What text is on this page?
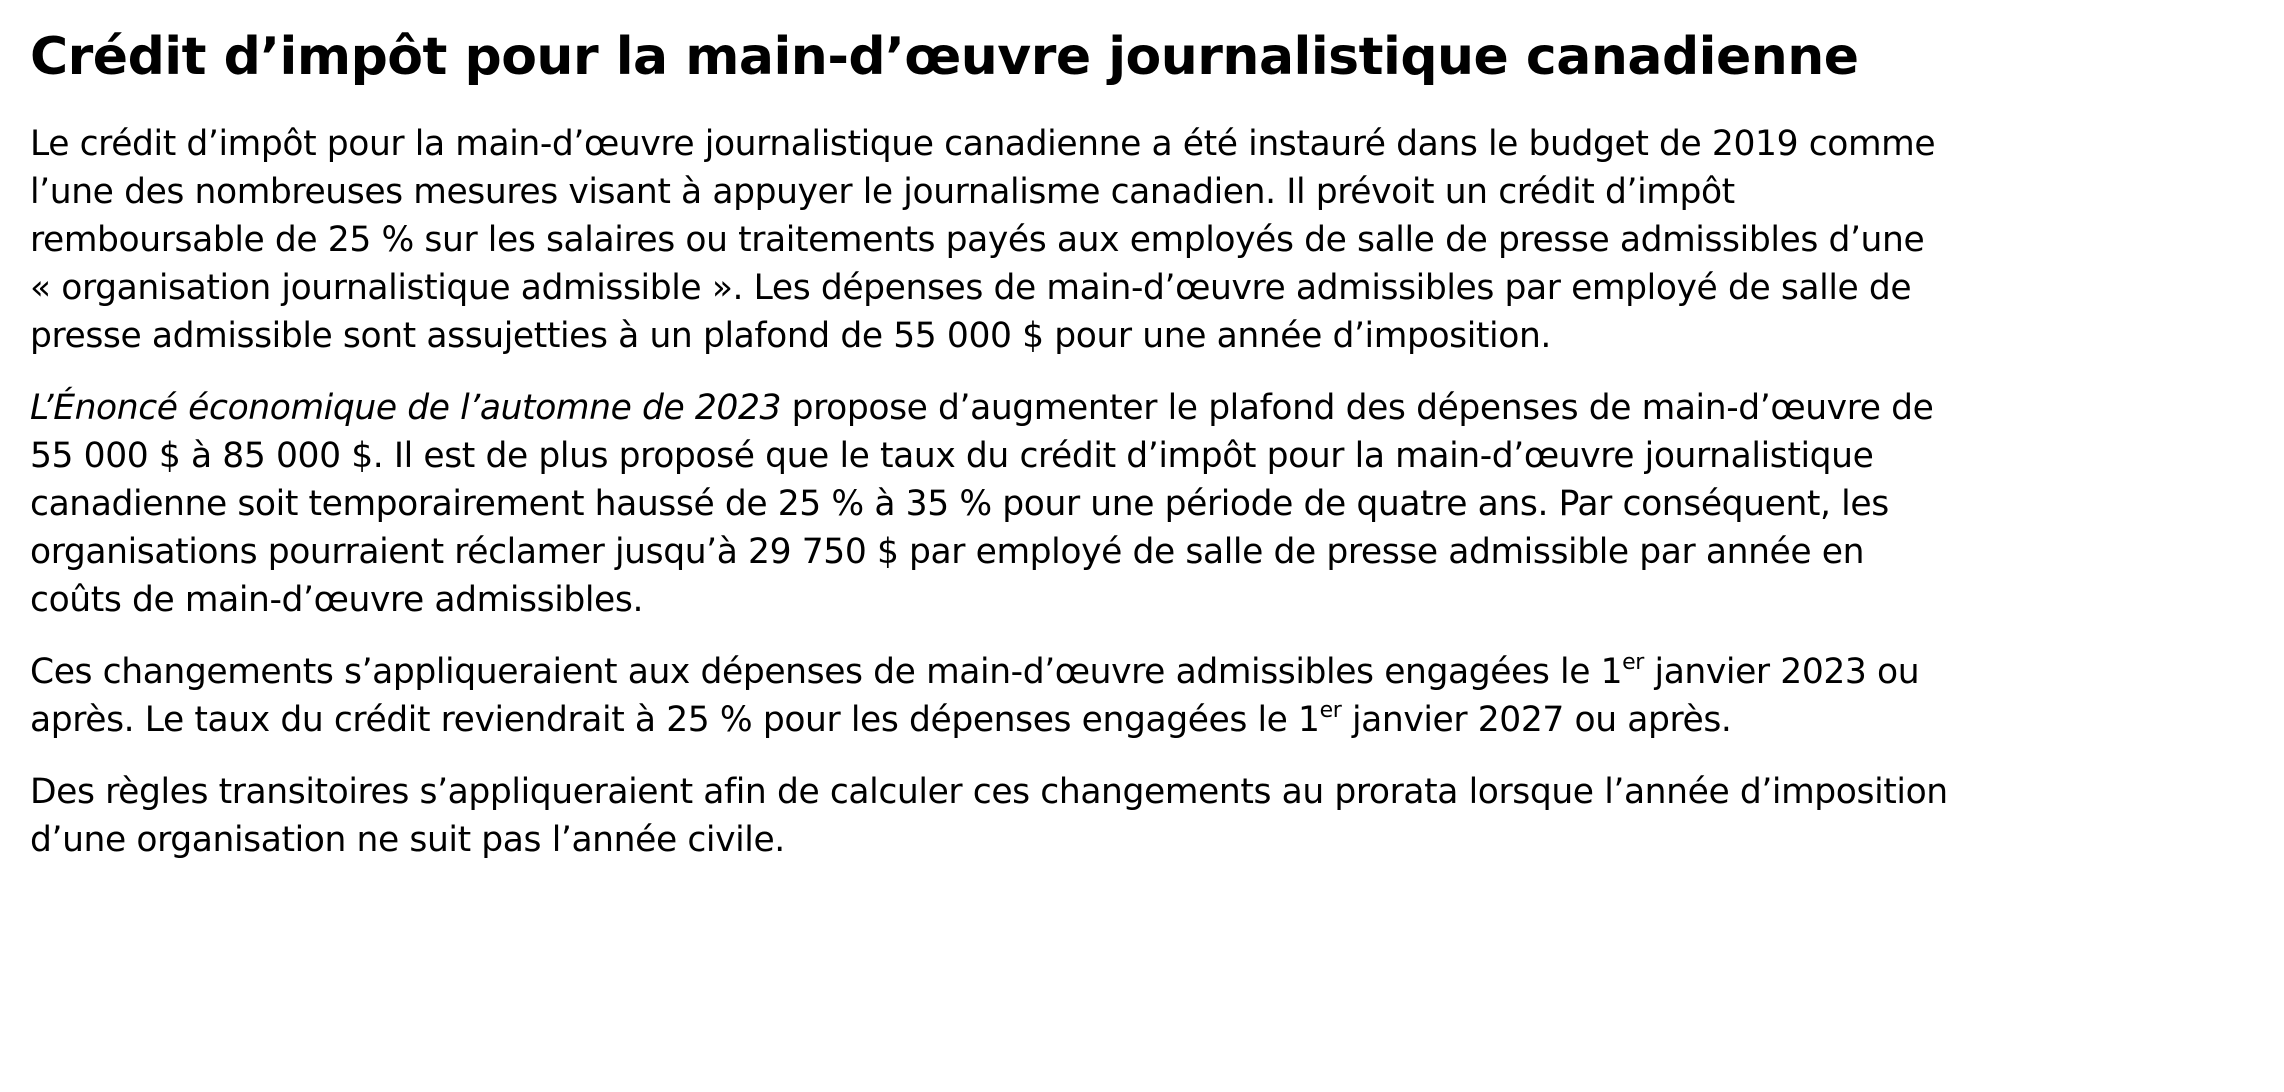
Crédit d’impôt pour la main-d’œuvre journalistique canadienne

Le crédit d’impôt pour la main-d’œuvre journalistique canadienne a été instauré dans le budget de 2019 comme
l’une des nombreuses mesures visant à appuyer le journalisme canadien. Il prévoit un crédit d’impôt
remboursable de 25 % sur les salaires ou traitements payés aux employés de salle de presse admissibles d’une
« organisation journalistique admissible ». Les dépenses de main-d’œuvre admissibles par employé de salle de
presse admissible sont assujetties à un plafond de 55 000 $ pour une année d’imposition.

L’Énoncé économique de l’automne de 2023 propose d’augmenter le plafond des dépenses de main-d’œuvre de
55 000 $ à 85 000 $. Il est de plus proposé que le taux du crédit d’impôt pour la main-d’œuvre journalistique
canadienne soit temporairement haussé de 25 % à 35 % pour une période de quatre ans. Par conséquent, les
organisations pourraient réclamer jusqu’à 29 750 $ par employé de salle de presse admissible par année en
coûts de main-d’œuvre admissibles.

Ces changements s’appliqueraient aux dépenses de main-d’œuvre admissibles engagées le 1er janvier 2023 ou
après. Le taux du crédit reviendrait à 25 % pour les dépenses engagées le 1er janvier 2027 ou après.

Des règles transitoires s’appliqueraient afin de calculer ces changements au prorata lorsque l’année d’imposition
d’une organisation ne suit pas l’année civile.
